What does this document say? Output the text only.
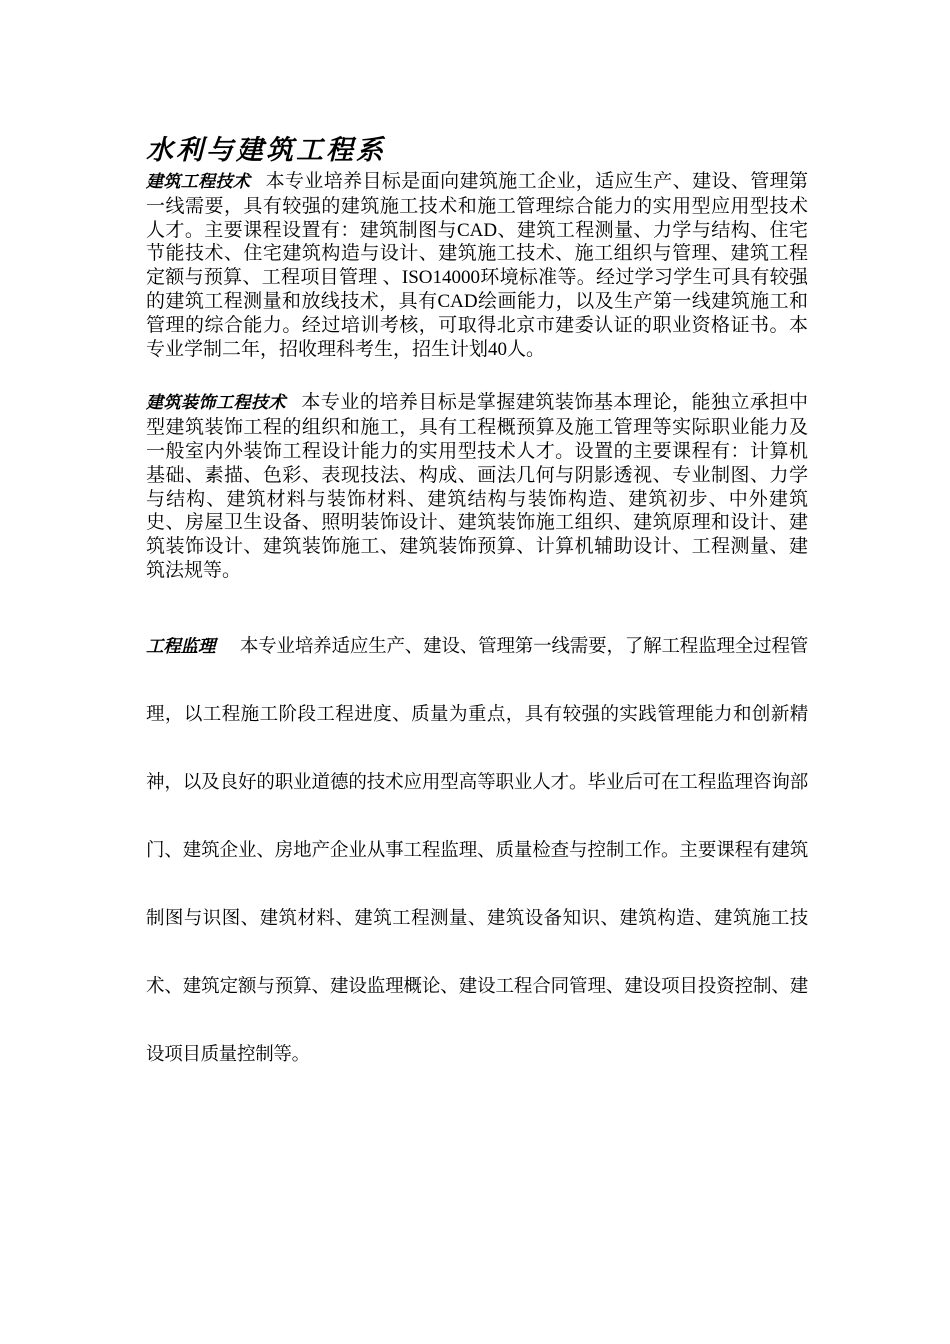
水利与建筑工程系

建筑工程技术 本专业培养目标是面向建筑施工企业，适应生产、建设、管理第一线需要，具有较强的建筑施工技术和施工管理综合能力的实用型应用型技术人才。主要课程设置有：建筑制图与CAD、建筑工程测量、力学与结构、住宅节能技术、住宅建筑构造与设计、建筑施工技术、施工组织与管理、建筑工程定额与预算、工程项目管理 、ISO14000环境标准等。经过学习学生可具有较强的建筑工程测量和放线技术，具有CAD绘画能力，以及生产第一线建筑施工和管理的综合能力。经过培训考核，可取得北京市建委认证的职业资格证书。本专业学制二年，招收理科考生，招生计划40人。

建筑装饰工程技术 本专业的培养目标是掌握建筑装饰基本理论，能独立承担中型建筑装饰工程的组织和施工，具有工程概预算及施工管理等实际职业能力及一般室内外装饰工程设计能力的实用型技术人才。设置的主要课程有：计算机基础、素描、色彩、表现技法、构成、画法几何与阴影透视、专业制图、力学与结构、建筑材料与装饰材料、建筑结构与装饰构造、建筑初步、中外建筑史、房屋卫生设备、照明装饰设计、建筑装饰施工组织、建筑原理和设计、建筑装饰设计、建筑装饰施工、建筑装饰预算、计算机辅助设计、工程测量、建筑法规等。

工程监理 本专业培养适应生产、建设、管理第一线需要，了解工程监理全过程管理，以工程施工阶段工程进度、质量为重点，具有较强的实践管理能力和创新精神，以及良好的职业道德的技术应用型高等职业人才。毕业后可在工程监理咨询部门、建筑企业、房地产企业从事工程监理、质量检查与控制工作。主要课程有建筑制图与识图、建筑材料、建筑工程测量、建筑设备知识、建筑构造、建筑施工技术、建筑定额与预算、建设监理概论、建设工程合同管理、建设项目投资控制、建设项目质量控制等。
